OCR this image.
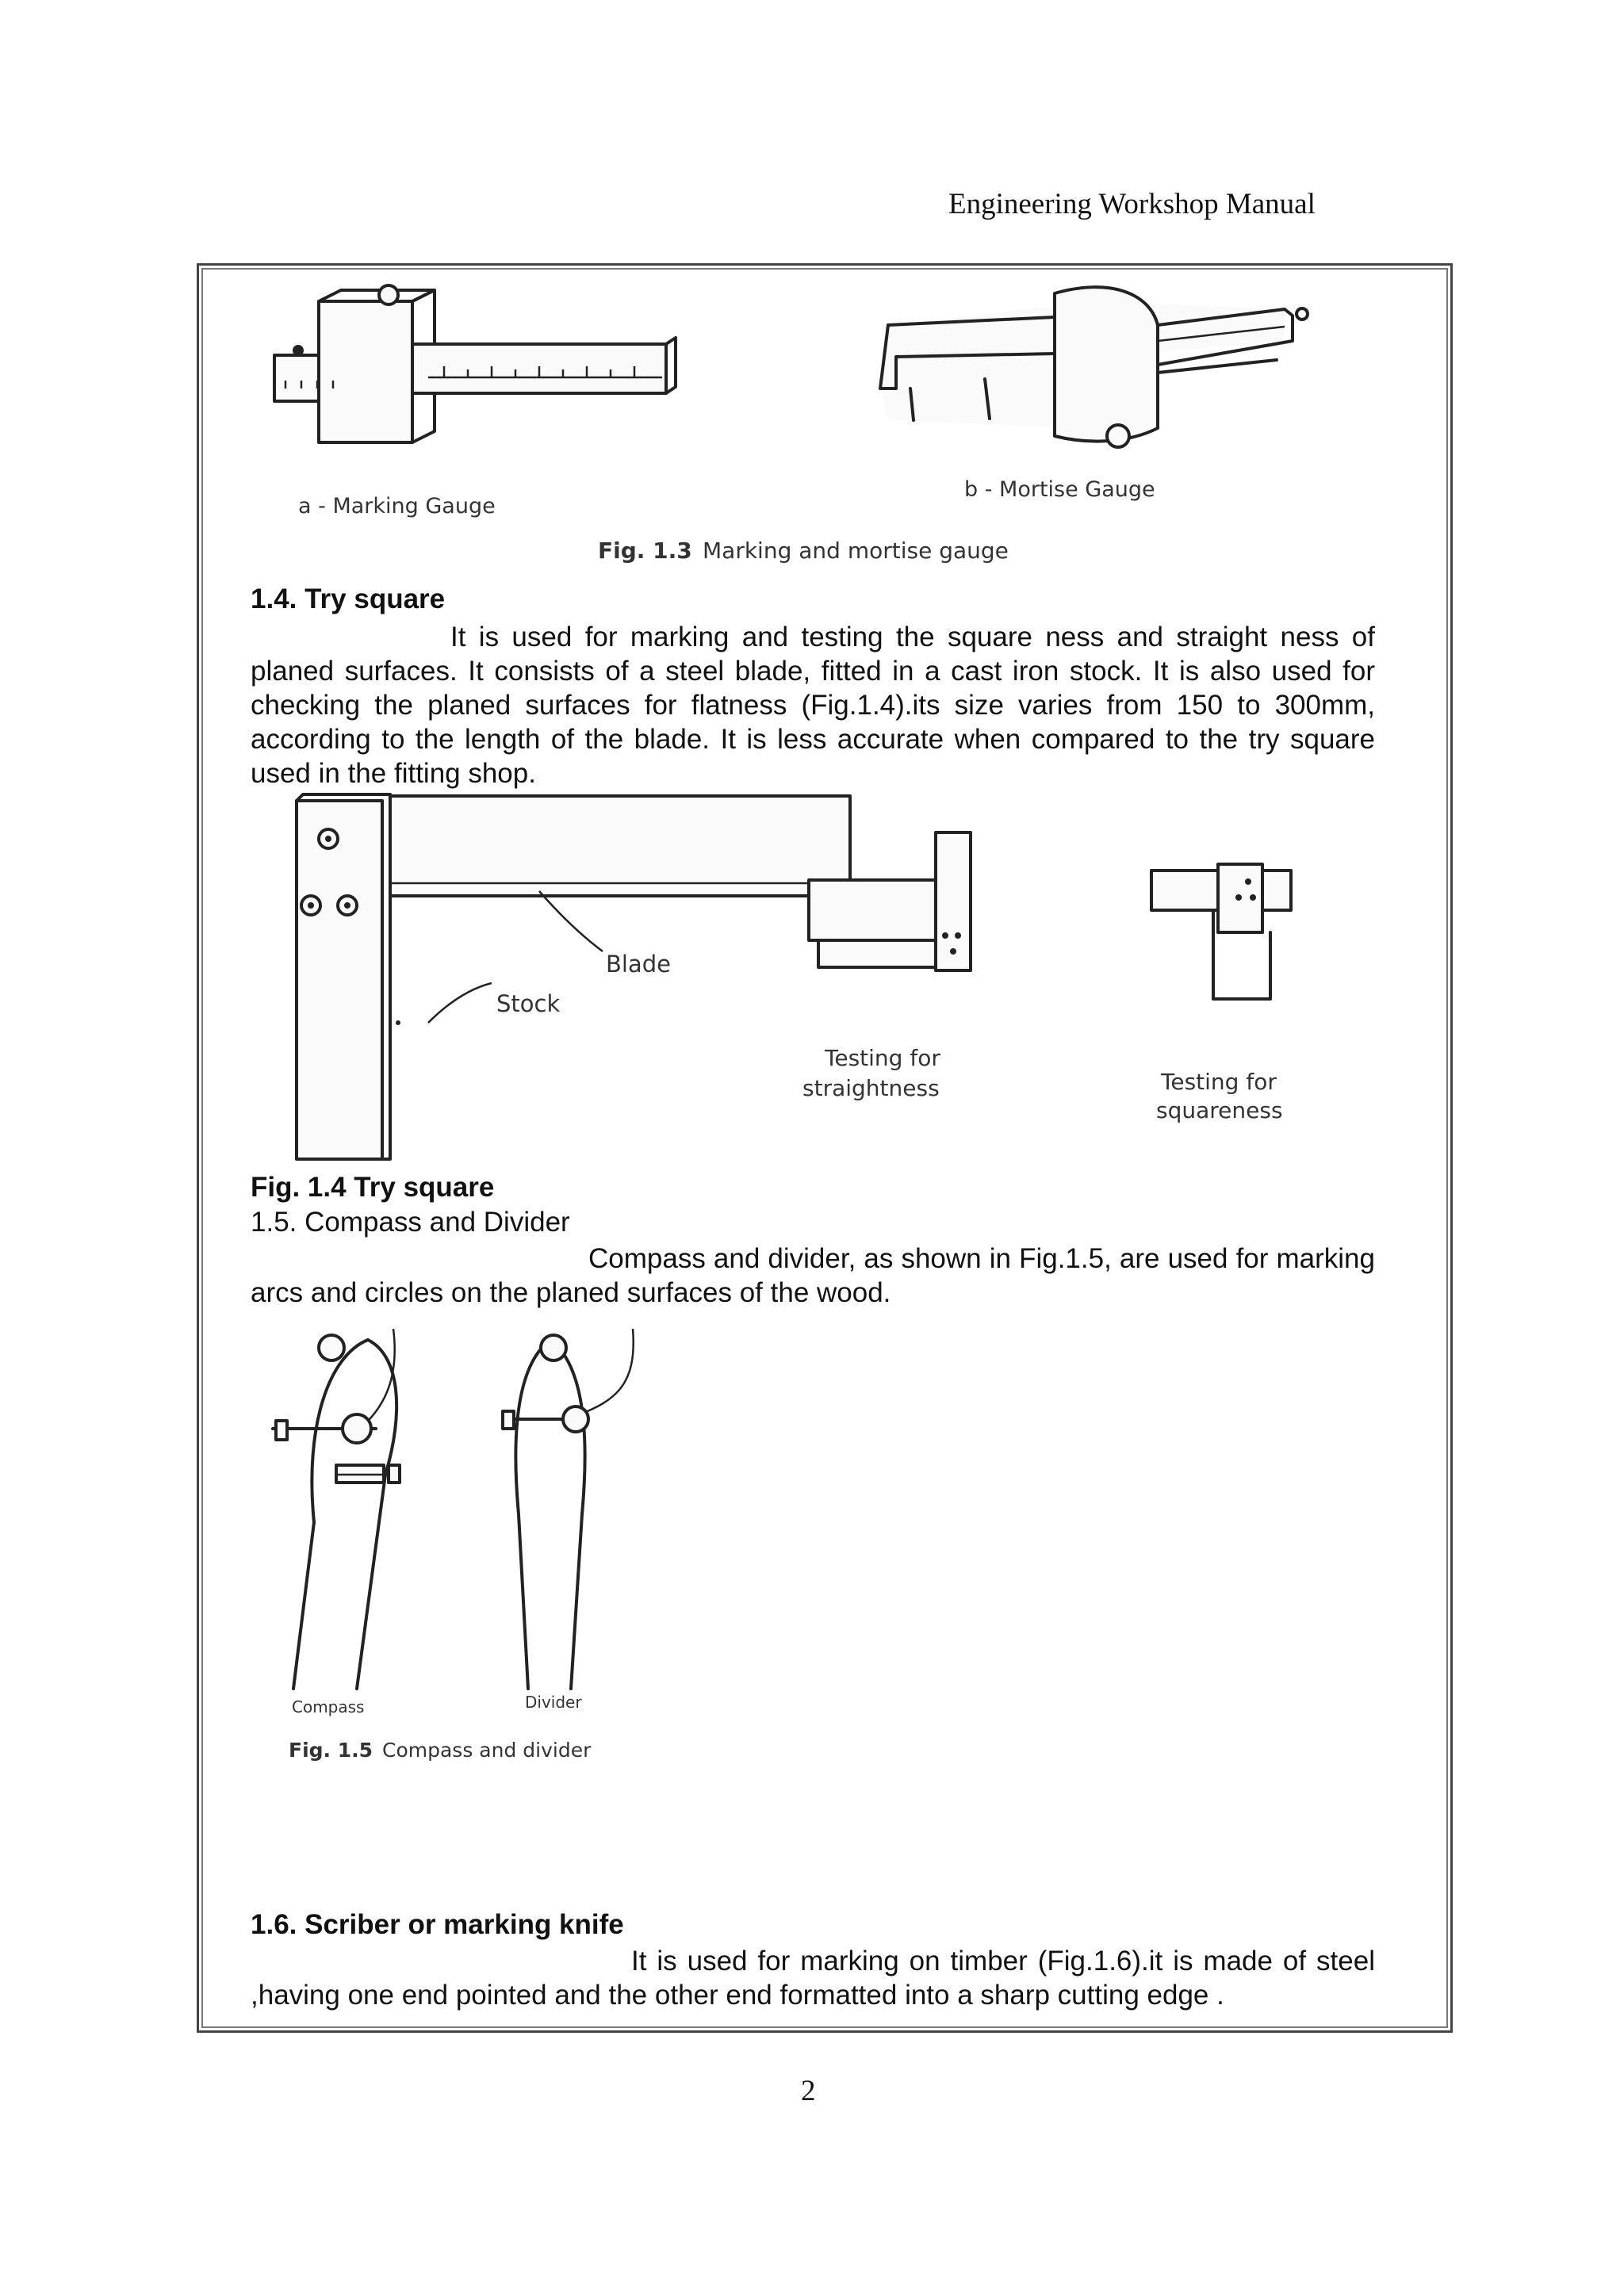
Engineering Workshop Manual
a - Marking Gauge
b - Mortise Gauge
Fig. 1.3 Marking and mortise gauge
1.4. Try square
It is used for marking and testing the square ness and straight ness of planed surfaces. It consists of a steel blade, fitted in a cast iron stock. It is also used for checking the planed surfaces for flatness (Fig.1.4).its size varies from 150 to 300mm, according to the length of the blade. It is less accurate when compared to the try square used in the fitting shop.
Blade
Stock
Testing for
straightness	Testing for
squareness
Fig. 1.4 Try square
1.5. Compass and Divider
Compass and divider, as shown in Fig.1.5, are used for marking arcs and circles on the planed surfaces of the wood.
Compass	Divider
Fig. 1.5 Compass and divider
1.6. Scriber or marking knife
It is used for marking on timber (Fig.1.6).it is made of steel ,having one end pointed and the other end formatted into a sharp cutting edge .
2
